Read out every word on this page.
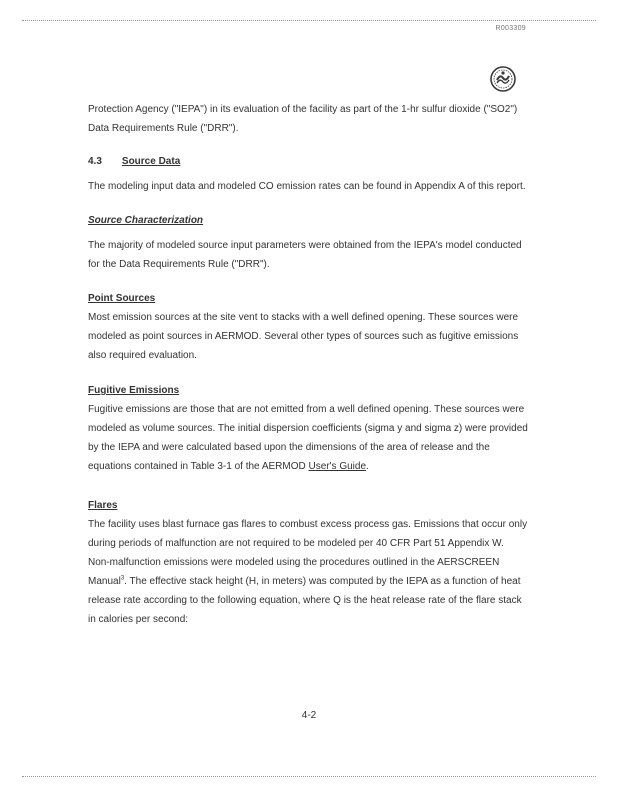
R003309

Protection Agency ("IEPA") in its evaluation of the facility as part of the 1-hr sulfur dioxide ("SO2") Data Requirements Rule ("DRR").

4.3 Source Data

The modeling input data and modeled CO emission rates can be found in Appendix A of this report.

Source Characterization

The majority of modeled source input parameters were obtained from the IEPA's model conducted for the Data Requirements Rule ("DRR").

Point Sources

Most emission sources at the site vent to stacks with a well defined opening. These sources were modeled as point sources in AERMOD. Several other types of sources such as fugitive emissions also required evaluation.

Fugitive Emissions

Fugitive emissions are those that are not emitted from a well defined opening. These sources were modeled as volume sources. The initial dispersion coefficients (sigma y and sigma z) were provided by the IEPA and were calculated based upon the dimensions of the area of release and the equations contained in Table 3-1 of the AERMOD User's Guide.

Flares

The facility uses blast furnace gas flares to combust excess process gas. Emissions that occur only during periods of malfunction are not required to be modeled per 40 CFR Part 51 Appendix W. Non-malfunction emissions were modeled using the procedures outlined in the AERSCREEN Manual$^3$. The effective stack height (H, in meters) was computed by the IEPA as a function of heat release rate according to the following equation, where Q is the heat release rate of the flare stack in calories per second:

4-2
